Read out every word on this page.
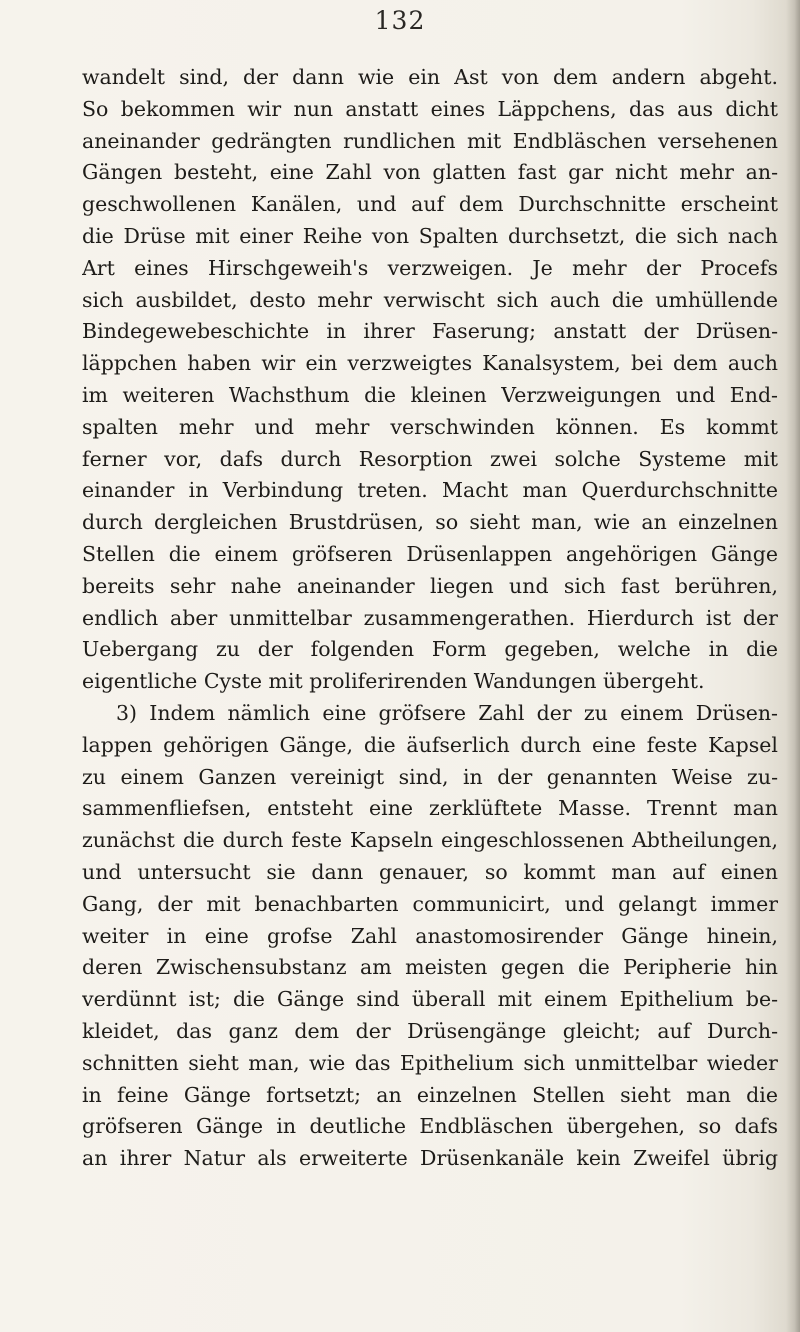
132
wandelt sind, der dann wie ein Ast von dem andern abgeht.
So bekommen wir nun anstatt eines Läppchens, das aus dicht
aneinander gedrängten rundlichen mit Endbläschen versehenen
Gängen besteht, eine Zahl von glatten fast gar nicht mehr an-
geschwollenen Kanälen, und auf dem Durchschnitte erscheint
die Drüse mit einer Reihe von Spalten durchsetzt, die sich nach
Art eines Hirschgeweih's verzweigen. Je mehr der Procefs
sich ausbildet, desto mehr verwischt sich auch die umhüllende
Bindegewebeschichte in ihrer Faserung; anstatt der Drüsen-
läppchen haben wir ein verzweigtes Kanalsystem, bei dem auch
im weiteren Wachsthum die kleinen Verzweigungen und End-
spalten mehr und mehr verschwinden können. Es kommt
ferner vor, dafs durch Resorption zwei solche Systeme mit
einander in Verbindung treten. Macht man Querdurchschnitte
durch dergleichen Brustdrüsen, so sieht man, wie an einzelnen
Stellen die einem gröfseren Drüsenlappen angehörigen Gänge
bereits sehr nahe aneinander liegen und sich fast berühren,
endlich aber unmittelbar zusammengerathen. Hierdurch ist der
Uebergang zu der folgenden Form gegeben, welche in die
eigentliche Cyste mit proliferirenden Wandungen übergeht.
3) Indem nämlich eine gröfsere Zahl der zu einem Drüsen-
lappen gehörigen Gänge, die äufserlich durch eine feste Kapsel
zu einem Ganzen vereinigt sind, in der genannten Weise zu-
sammenfliefsen, entsteht eine zerklüftete Masse. Trennt man
zunächst die durch feste Kapseln eingeschlossenen Abtheilungen,
und untersucht sie dann genauer, so kommt man auf einen
Gang, der mit benachbarten communicirt, und gelangt immer
weiter in eine grofse Zahl anastomosirender Gänge hinein,
deren Zwischensubstanz am meisten gegen die Peripherie hin
verdünnt ist; die Gänge sind überall mit einem Epithelium be-
kleidet, das ganz dem der Drüsengänge gleicht; auf Durch-
schnitten sieht man, wie das Epithelium sich unmittelbar wieder
in feine Gänge fortsetzt; an einzelnen Stellen sieht man die
gröfseren Gänge in deutliche Endbläschen übergehen, so dafs
an ihrer Natur als erweiterte Drüsenkanäle kein Zweifel übrig
